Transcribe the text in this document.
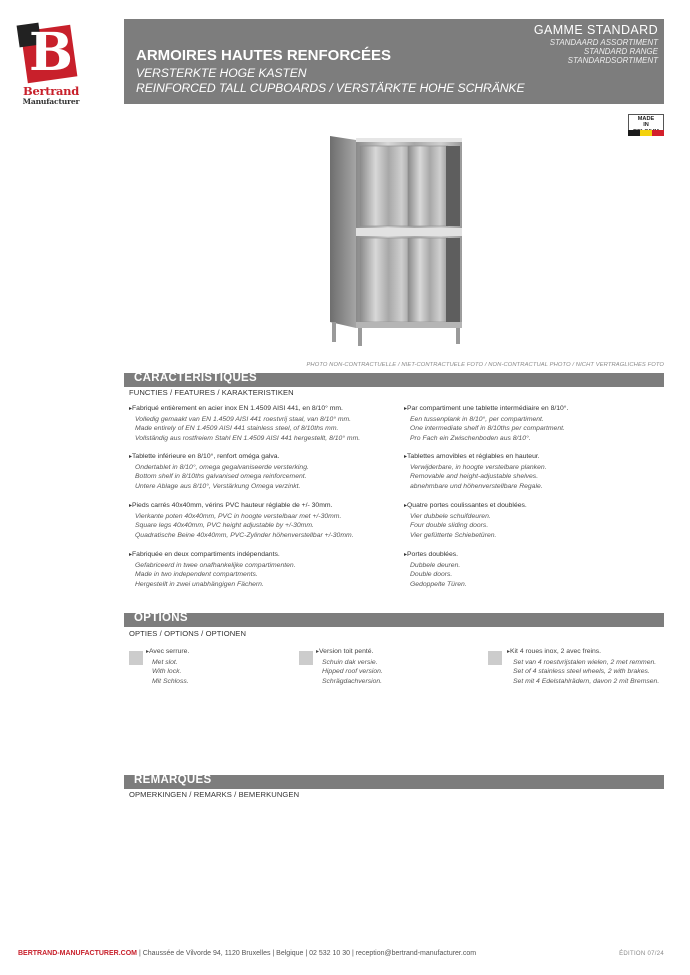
B
Bertrand
Manufacturer
GAMME STANDARD
STANDAARD ASSORTIMENT
STANDARD RANGE
STANDARDSORTIMENT
ARMOIRES HAUTES RENFORCÉES
VERSTERKTE HOGE KASTEN
REINFORCED TALL CUPBOARDS / VERSTÄRKTE HOHE SCHRÄNKE
MADE
IN
PHOTO NON-CONTRACTUELLE / NIET-CONTRACTUELE FOTO / NON-CONTRACTUAL PHOTO / NICHT VERTRAGLICHES FOTO
CARACTÉRISTIQUES
FUNCTIES / FEATURES / KARAKTERISTIKEN
▸ Fabriqué entièrement en acier inox EN 1.4509 AISI 441, en 8/10° mm.
Volledig gemaakt van EN 1.4509 AISI 441 roestvrij staal, van 8/10° mm.
Made entirely of EN 1.4509 AISI 441 stainless steel, of 8/10ths mm.
Vollständig aus rostfreiem Stahl EN 1.4509 AISI 441 hergestellt, 8/10° mm.
▸ Tablette inférieure en 8/10°, renfort oméga galva.
Ondertablet in 8/10°, omega gegalvaniseerde versterking.
Bottom shelf in 8/10ths galvanised omega reinforcement.
Untere Ablage aus 8/10°, Verstärkung Omega verzinkt.
▸ Pieds carrés 40x40mm, vérins PVC hauteur réglable de +/- 30mm.
Vierkante poten 40x40mm, PVC in hoogte verstelbaar met +/-30mm.
Square legs 40x40mm, PVC height adjustable by +/-30mm.
Quadratische Beine 40x40mm, PVC-Zylinder höhenverstellbar +/-30mm.
▸ Fabriquée en deux compartiments indépendants.
Gefabriceerd in twee onafhankelijke compartimenten.
Made in two independent compartments.
Hergestellt in zwei unabhängigen Fächern.
▸ Par compartiment une tablette intermédiaire en 8/10°.
Een tussenplank in 8/10°, per compartiment.
One intermediate shelf in 8/10ths per compartment.
Pro Fach ein Zwischenboden aus 8/10°.
▸ Tablettes amovibles et réglables en hauteur.
Verwijderbare, in hoogte verstelbare planken.
Removable and height-adjustable shelves.
abnehmbare und höhenverstellbare Regale.
▸ Quatre portes coulissantes et doublées.
Vier dubbele schuifdeuren.
Four double sliding doors.
Vier gefütterte Schiebetüren.
▸ Portes doublées.
Dubbele deuren.
Double doors.
Gedoppelte Türen.
OPTIONS
OPTIES / OPTIONS / OPTIONEN
▸ Avec serrure.
Met slot.
With lock.
Mit Schloss.
▸ Version toit penté.
Schuin dak versie.
Hipped roof version.
Schrägdachversion.
▸ Kit 4 roues inox, 2 avec freins.
Set van 4 roestvrijstalen wielen, 2 met remmen.
Set of 4 stainless steel wheels, 2 with brakes.
Set mit 4 Edelstahlrädern, davon 2 mit Bremsen.
REMARQUES
OPMERKINGEN / REMARKS / BEMERKUNGEN
BERTRAND-MANUFACTURER.COM | Chaussée de Vilvorde 94, 1120 Bruxelles | Belgique | 02 532 10 30 | reception@bertrand-manufacturer.com	ÉDITION 07/24
